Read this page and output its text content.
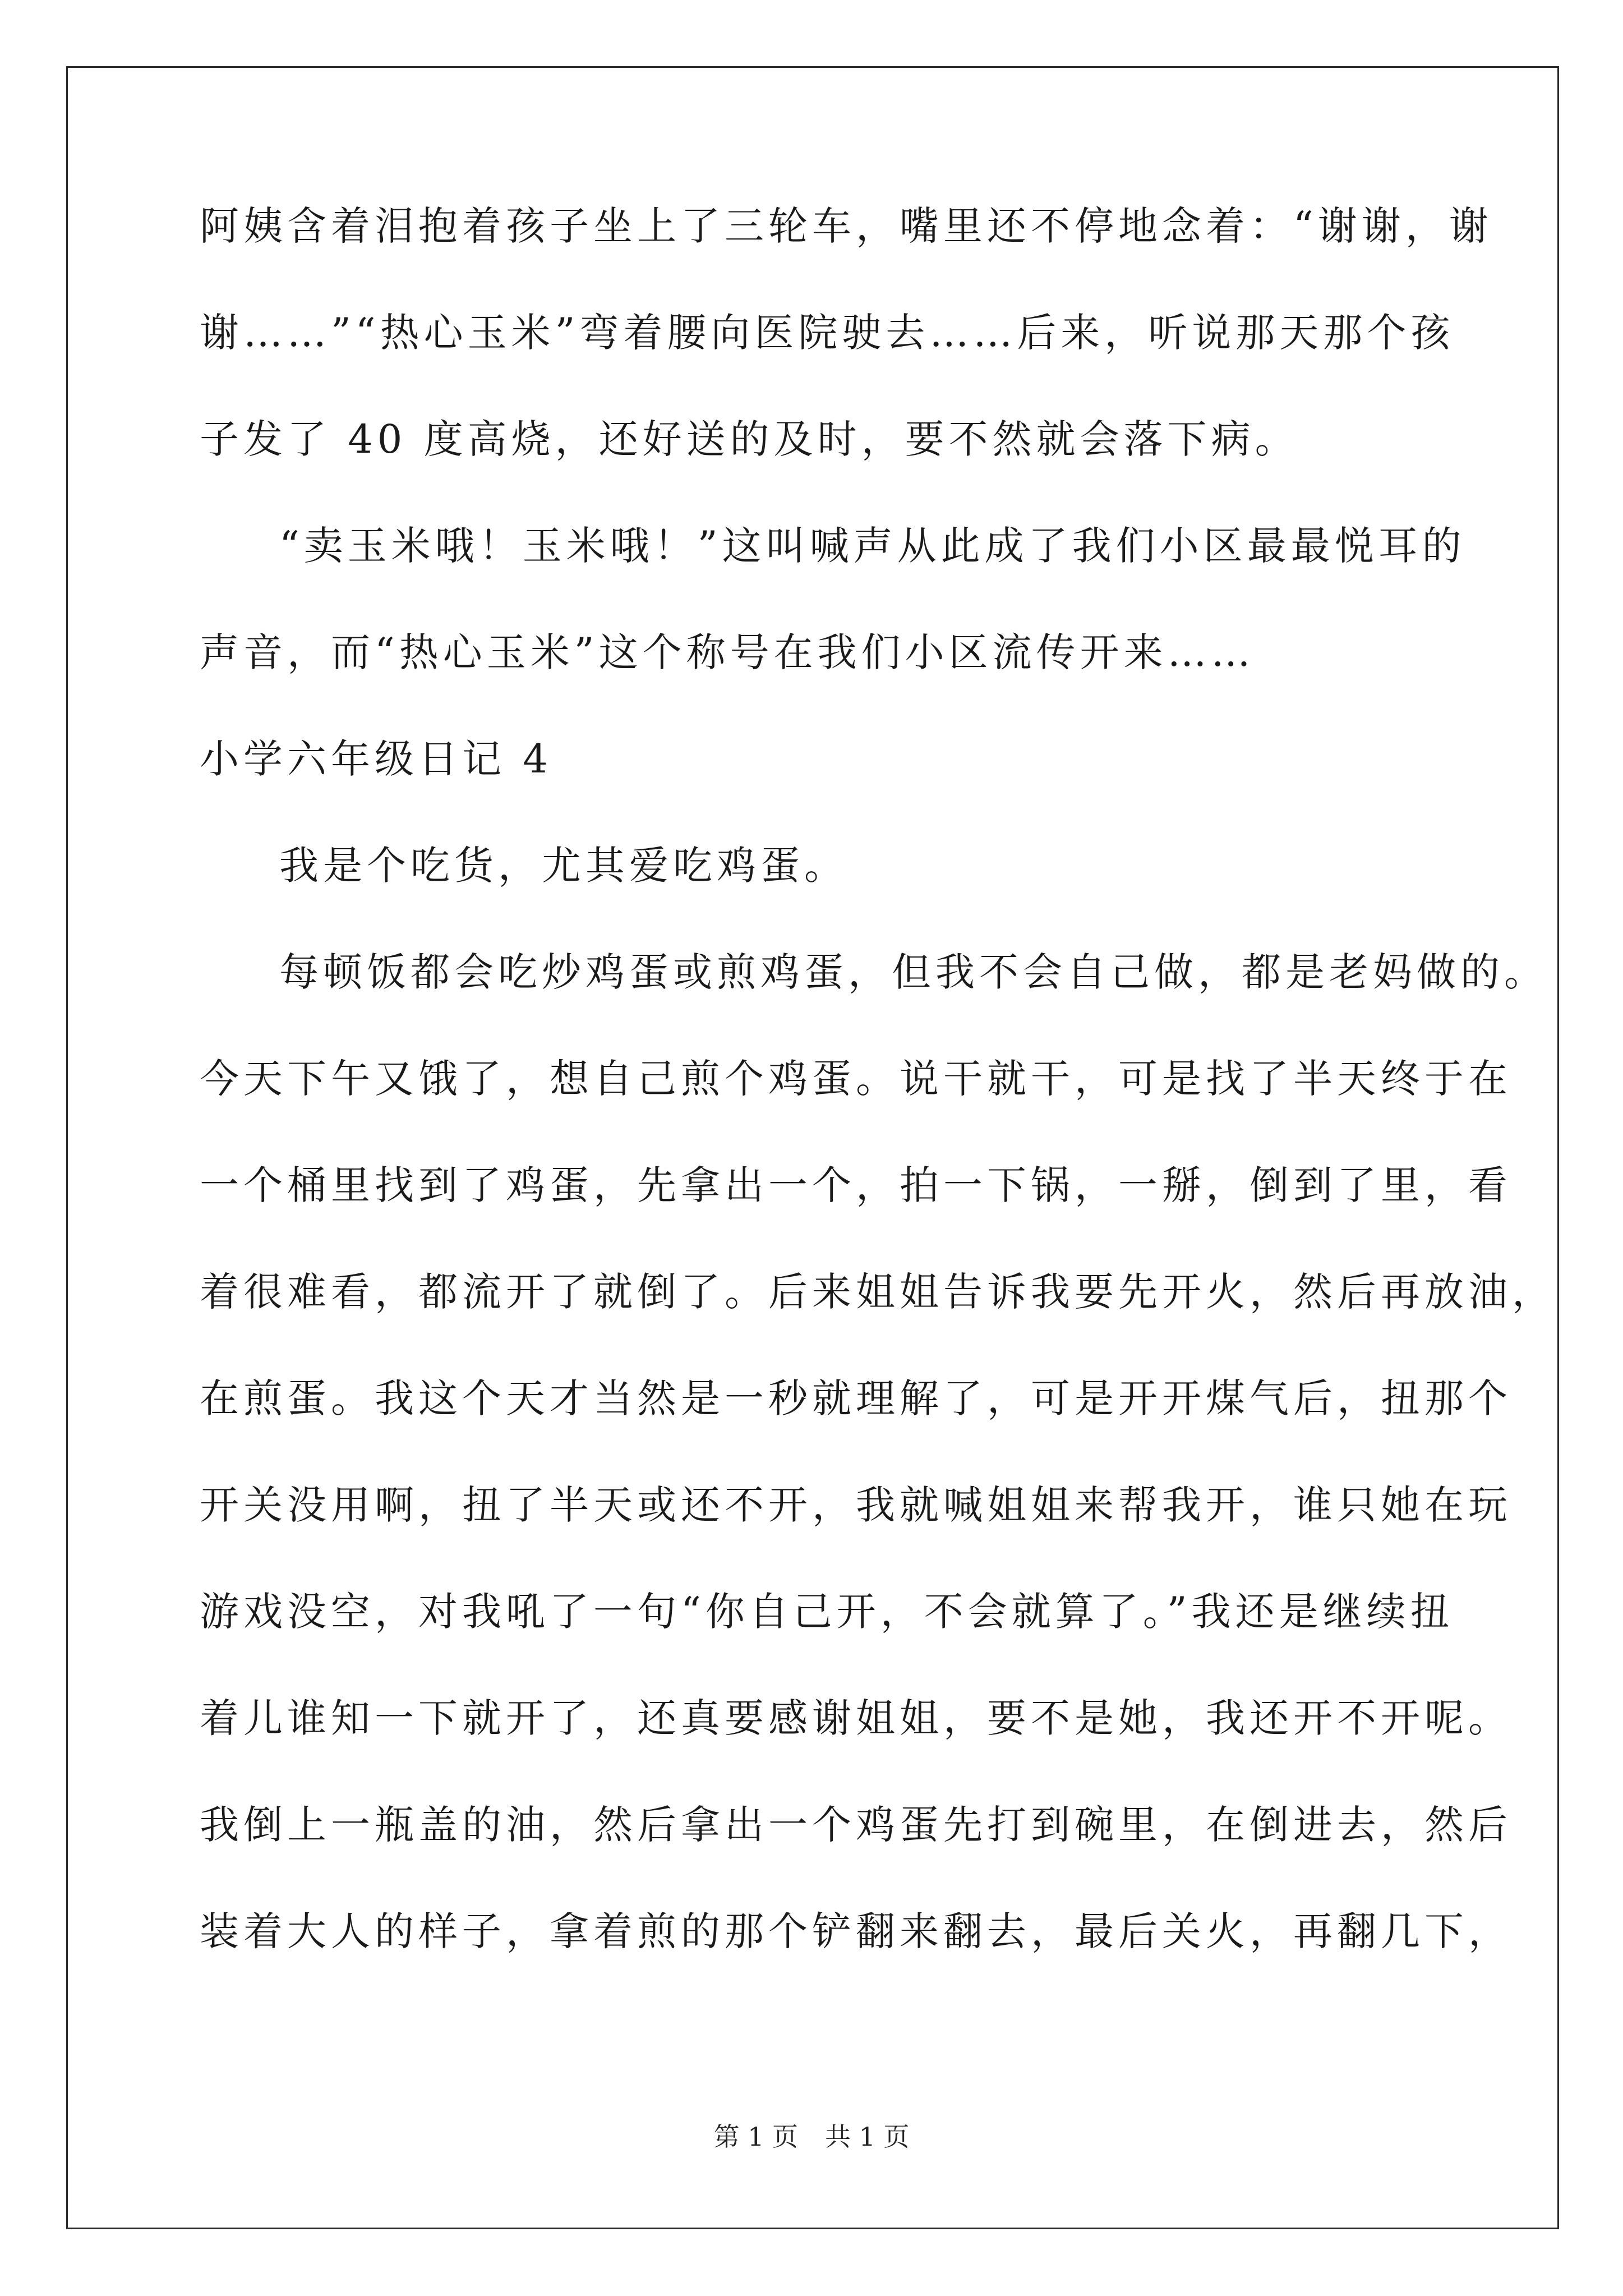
阿姨含着泪抱着孩子坐上了三轮车，嘴里还不停地念着：“谢谢，谢
谢……”“热心玉米”弯着腰向医院驶去……后来，听说那天那个孩
子发了 40 度高烧，还好送的及时，要不然就会落下病。
“卖玉米哦！玉米哦！”这叫喊声从此成了我们小区最最悦耳的
声音，而“热心玉米”这个称号在我们小区流传开来……
小学六年级日记 4
我是个吃货，尤其爱吃鸡蛋。
每顿饭都会吃炒鸡蛋或煎鸡蛋，但我不会自己做，都是老妈做的。
今天下午又饿了，想自己煎个鸡蛋。说干就干，可是找了半天终于在
一个桶里找到了鸡蛋，先拿出一个，拍一下锅，一掰，倒到了里，看
着很难看，都流开了就倒了。后来姐姐告诉我要先开火，然后再放油，
在煎蛋。我这个天才当然是一秒就理解了，可是开开煤气后，扭那个
开关没用啊，扭了半天或还不开，我就喊姐姐来帮我开，谁只她在玩
游戏没空，对我吼了一句“你自己开，不会就算了。”我还是继续扭
着儿谁知一下就开了，还真要感谢姐姐，要不是她，我还开不开呢。
我倒上一瓶盖的油，然后拿出一个鸡蛋先打到碗里，在倒进去，然后
装着大人的样子，拿着煎的那个铲翻来翻去，最后关火，再翻几下，
第 1 页 共 1 页
